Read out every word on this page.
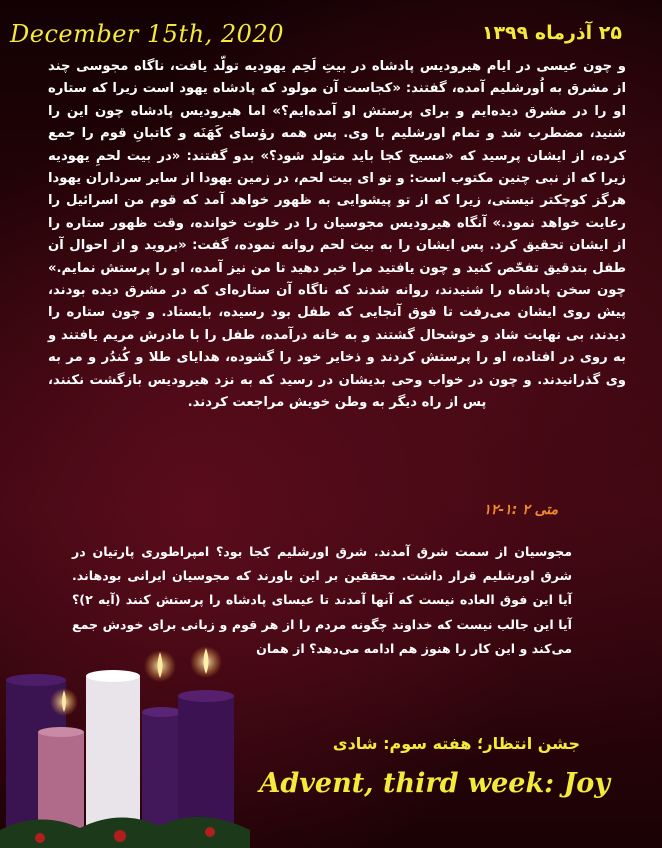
December 15th, 2020	۲۵ آذرماه ۱۳۹۹
و چون عیسی در ایام هیرودیس پادشاه در بیتِ لَحِم یهودیه تولّد یافت، ناگاه مجوسی چند از مشرق به اُورشلیم آمده، گفتند: «کجاست آن مولود که پادشاه یهود است زیرا که ستاره او را در مشرق دیده‌ایم و برای پرستش او آمده‌ایم؟» اما هیرودیس پادشاه چون این را شنید، مضطرب شد و تمام اورشلیم با وی. پس همه رؤسای کَهَنَه و کاتبانِ قوم را جمع کرده، از ایشان پرسید که «مسیح کجا باید متولد شود؟» بدو گفتند: «در بیت لحمِ یهودیه زیرا که از نبی چنین مکتوب است: و تو ای بیت لحم، در زمین یهودا از سایر سرداران یهودا هرگز کوچکتر نیستی، زیرا که از تو پیشوایی به ظهور خواهد آمد که قوم من اسرائیل را رعایت خواهد نمود.» آنگاه هیرودیس مجوسیان را در خلوت خوانده، وقت ظهور ستاره را از ایشان تحقیق کرد. پس ایشان را به بیت لحم روانه نموده، گفت: «بروید و از احوال آن طفل بتدقیق تفحّص کنید و چون یافتید مرا خبر دهید تا من نیز آمده، او را پرستش نمایم.» چون سخن پادشاه را شنیدند، روانه شدند که ناگاه آن ستاره‌ای که در مشرق دیده بودند، پیش روی ایشان می‌رفت تا فوق آنجایی که طفل بود رسیده، بایستاد. و چون ستاره را دیدند، بی نهایت شاد و خوشحال گشتند و به خانه درآمده، طفل را با مادرش مریم یافتند و به روی در افتاده، او را پرستش کردند و ذخایر خود را گشوده، هدایای طلا و کُندُر و مر به وی گذرانیدند. و چون در خواب وحی بدیشان در رسید که به نزد هیرودیس بازگشت نکنند، پس از راه دیگر به وطن خویش مراجعت کردند.
متی ۲ :۱-۱۲
مجوسیان از سمت شرق آمدند. شرق اورشلیم کجا بود؟ امپراطوری پارتیان در شرق اورشلیم قرار داشت. محققین بر این باورند که مجوسیان ایرانی بودهاند. آیا این فوق العاده نیست که آنها آمدند تا عیسای پادشاه را پرستش کنند (آیه ۲)؟ آیا این جالب نیست که خداوند چگونه مردم را از هر قوم و زبانی برای خودش جمع می‌کند و این کار را هنوز هم ادامه می‌دهد؟ از همان
جشن انتظار؛ هفته سوم: شادی
Advent, third week: Joy
